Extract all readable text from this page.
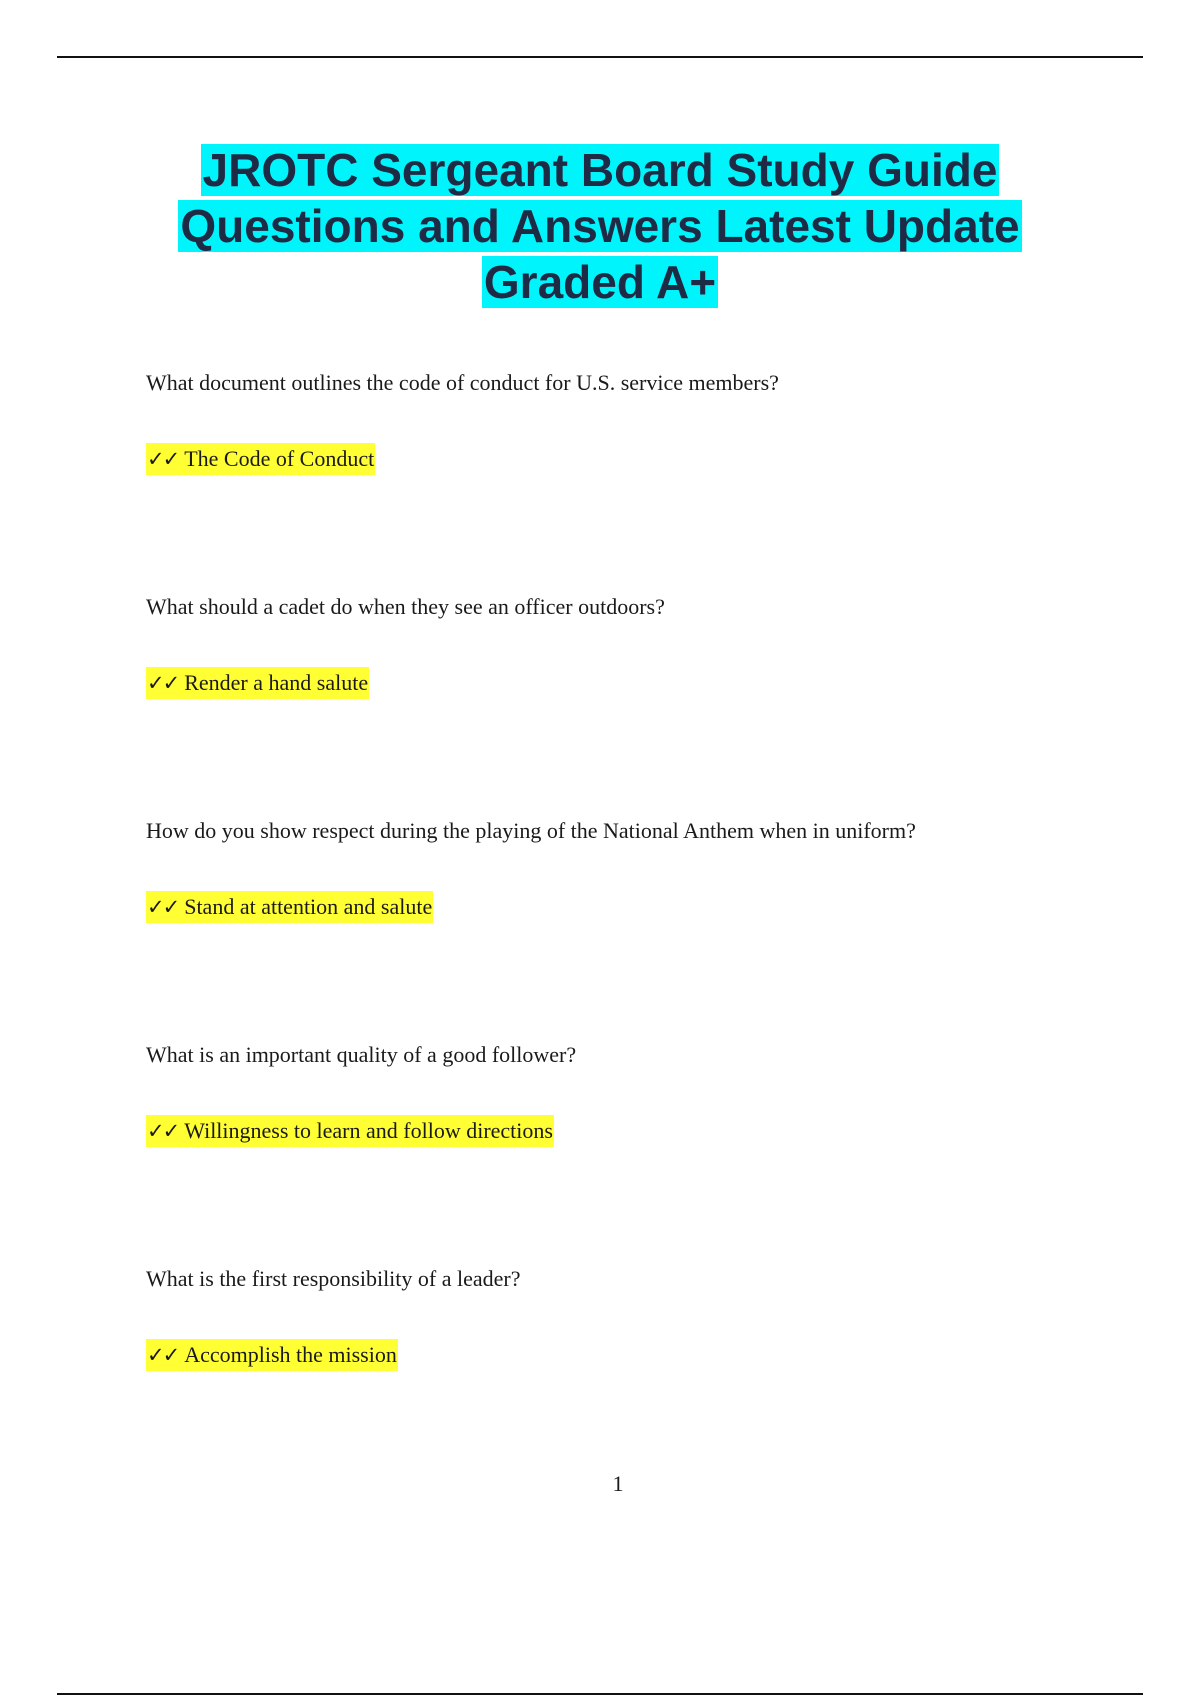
JROTC Sergeant Board Study Guide
Questions and Answers Latest Update
Graded A+
What document outlines the code of conduct for U.S. service members?
✓✓ The Code of Conduct
What should a cadet do when they see an officer outdoors?
✓✓ Render a hand salute
How do you show respect during the playing of the National Anthem when in uniform?
✓✓ Stand at attention and salute
What is an important quality of a good follower?
✓✓ Willingness to learn and follow directions
What is the first responsibility of a leader?
✓✓ Accomplish the mission
1
